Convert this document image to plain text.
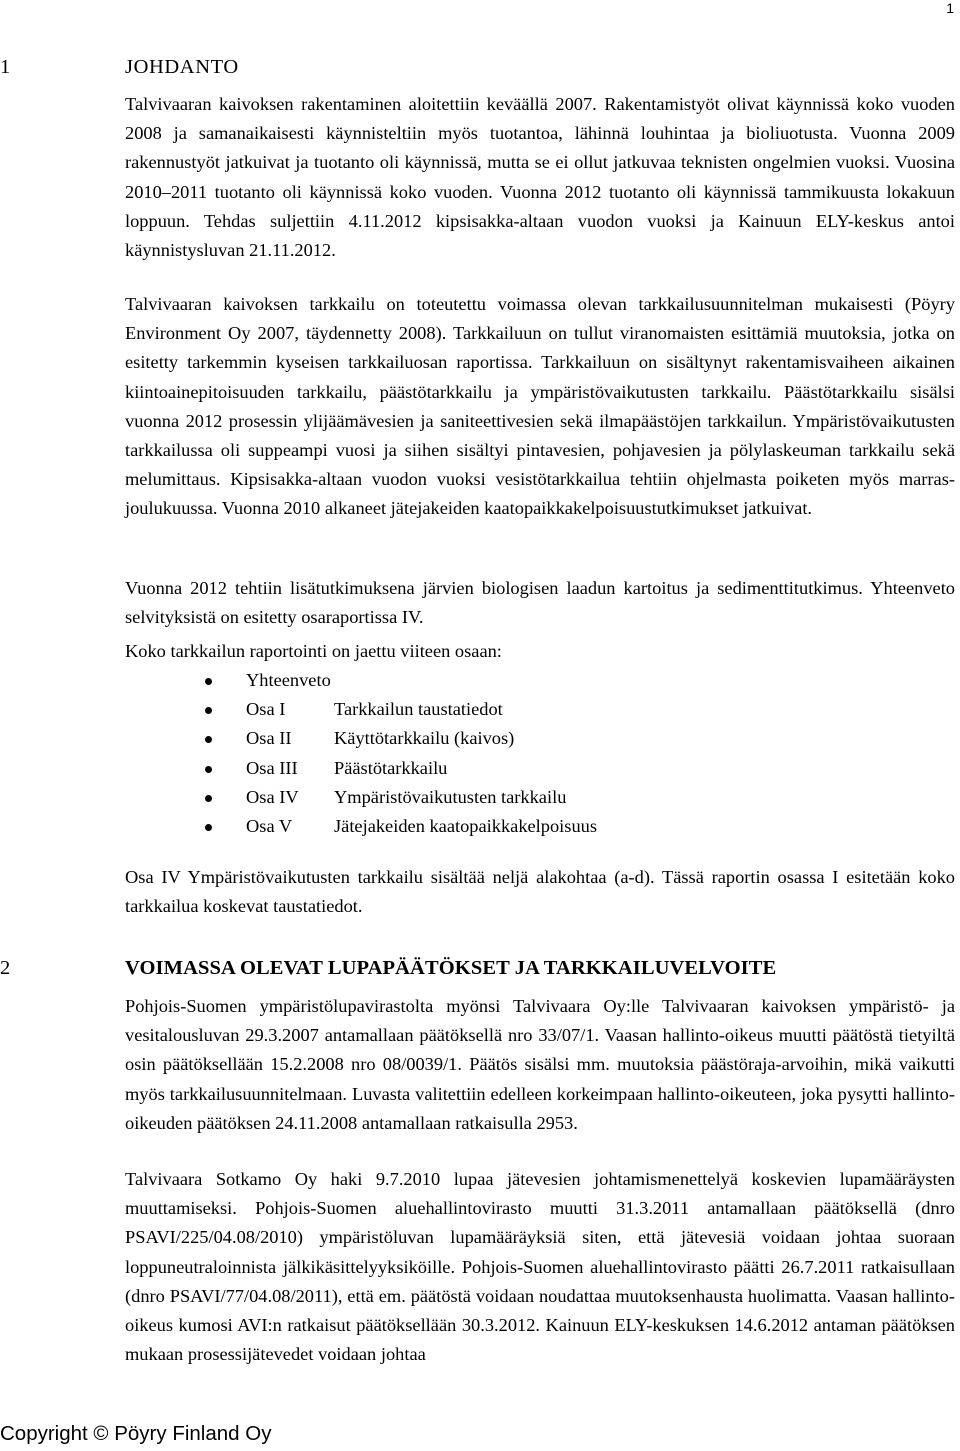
1
1	JOHDANTO

Talvivaaran kaivoksen rakentaminen aloitettiin keväällä 2007. Rakentamistyöt olivat käynnissä koko vuoden 2008 ja samanaikaisesti käynnisteltiin myös tuotantoa, lähinnä louhintaa ja bioliuotusta. Vuonna 2009 rakennustyöt jatkuivat ja tuotanto oli käynnissä, mutta se ei ollut jatkuvaa teknisten ongelmien vuoksi. Vuosina 2010–2011 tuotanto oli käynnissä koko vuoden. Vuonna 2012 tuotanto oli käynnissä tammikuusta lokakuun loppuun. Tehdas suljettiin 4.11.2012 kipsisakka-altaan vuodon vuoksi ja Kainuun ELY-keskus antoi käynnistysluvan 21.11.2012.

Talvivaaran kaivoksen tarkkailu on toteutettu voimassa olevan tarkkailusuunnitelman mukaisesti (Pöyry Environment Oy 2007, täydennetty 2008). Tarkkailuun on tullut viranomaisten esittämiä muutoksia, jotka on esitetty tarkemmin kyseisen tarkkailuosan raportissa. Tarkkailuun on sisältynyt rakentamisvaiheen aikainen kiintoainepitoisuuden tarkkailu, päästötarkkailu ja ympäristövaikutusten tarkkailu. Päästötarkkailu sisälsi vuonna 2012 prosessin ylijäämävesien ja saniteettivesien sekä ilmapäästöjen tarkkailun. Ympäristövaikutusten tarkkailussa oli suppeampi vuosi ja siihen sisältyi pintavesien, pohjavesien ja pölylaskeuman tarkkailu sekä melumittaus. Kipsisakka-altaan vuodon vuoksi vesistötarkkailua tehtiin ohjelmasta poiketen myös marras-joulukuussa. Vuonna 2010 alkaneet jätejakeiden kaatopaikkakelpoisuustutkimukset jatkuivat.

Vuonna 2012 tehtiin lisätutkimuksena järvien biologisen laadun kartoitus ja sedimenttitutkimus. Yhteenveto selvityksistä on esitetty osaraportissa IV.

Koko tarkkailun raportointi on jaettu viiteen osaan:

Yhteenveto
Osa I	Tarkkailun taustatiedot
Osa II Käyttötarkkailu (kaivos)
Osa III Päästötarkkailu
Osa IV Ympäristövaikutusten tarkkailu
Osa V Jätejakeiden kaatopaikkakelpoisuus

Osa IV Ympäristövaikutusten tarkkailu sisältää neljä alakohtaa (a-d). Tässä raportin osassa I esitetään koko tarkkailua koskevat taustatiedot.

2	VOIMASSA OLEVAT LUPAPÄÄTÖKSET JA TARKKAILUVELVOITE

Pohjois-Suomen ympäristölupavirastolta myönsi Talvivaara Oy:lle Talvivaaran kaivoksen ympäristö- ja vesitalousluvan 29.3.2007 antamallaan päätöksellä nro 33/07/1. Vaasan hallinto-oikeus muutti päätöstä tietyiltä osin päätöksellään 15.2.2008 nro 08/0039/1. Päätös sisälsi mm. muutoksia päästöraja-arvoihin, mikä vaikutti myös tarkkailusuunnitelmaan. Luvasta valitettiin edelleen korkeimpaan hallinto-oikeuteen, joka pysytti hallinto-oikeuden päätöksen 24.11.2008 antamallaan ratkaisulla 2953.

Talvivaara Sotkamo Oy haki 9.7.2010 lupaa jätevesien johtamismenettelyä koskevien lupamääräysten muuttamiseksi. Pohjois-Suomen aluehallintovirasto muutti 31.3.2011 antamallaan päätöksellä (dnro PSAVI/225/04.08/2010) ympäristöluvan lupamääräyksiä siten, että jätevesiä voidaan johtaa suoraan loppuneutraloinnista jälkikäsittelyyksiköille. Pohjois-Suomen aluehallintovirasto päätti 26.7.2011 ratkaisullaan (dnro PSAVI/77/04.08/2011), että em. päätöstä voidaan noudattaa muutoksenhausta huolimatta. Vaasan hallinto-oikeus kumosi AVI:n ratkaisut päätöksellään 30.3.2012. Kainuun ELY-keskuksen 14.6.2012 antaman päätöksen mukaan prosessijätevedet voidaan johtaa

Copyright © Pöyry Finland Oy
